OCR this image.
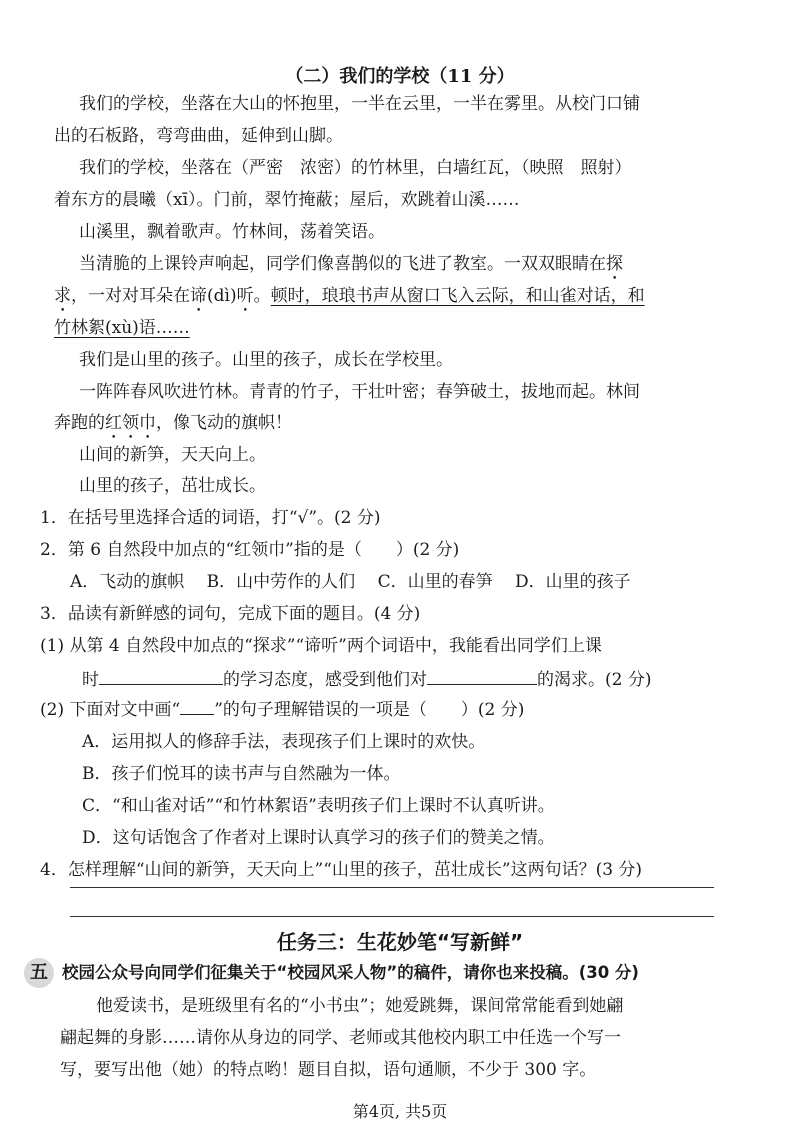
（二）我们的学校（11 分）
我们的学校，坐落在大山的怀抱里，一半在云里，一半在雾里。从校门口铺
出的石板路，弯弯曲曲，延伸到山脚。
我们的学校，坐落在（严密　浓密）的竹林里，白墙红瓦，（映照　照射）
着东方的晨曦（xī）。门前，翠竹掩蔽；屋后，欢跳着山溪……
山溪里，飘着歌声。竹林间，荡着笑语。
当清脆的上课铃声响起，同学们像喜鹊似的飞进了教室。一双双眼睛在探
求，一对对耳朵在谛(dì)听。顿时，琅琅书声从窗口飞入云际，和山雀对话，和
竹林絮(xù)语……
我们是山里的孩子。山里的孩子，成长在学校里。
一阵阵春风吹进竹林。青青的竹子，干壮叶密；春笋破土，拔地而起。林间
奔跑的红领巾，像飞动的旗帜！
山间的新笋，天天向上。
山里的孩子，茁壮成长。
1．在括号里选择合适的词语，打“√”。(2 分)
2．第 6 自然段中加点的“红领巾”指的是（　　）(2 分)
A．飞动的旗帜　 B．山中劳作的人们　 C．山里的春笋　 D．山里的孩子
3．品读有新鲜感的词句，完成下面的题目。(4 分)
(1) 从第 4 自然段中加点的“探求”“谛听”两个词语中，我能看出同学们上课
时	的学习态度，感受到他们对	的渴求。(2 分)
(2) 下面对文中画“ ”的句子理解错误的一项是（　　）(2 分)
A．运用拟人的修辞手法，表现孩子们上课时的欢快。
B．孩子们悦耳的读书声与自然融为一体。
C．“和山雀对话”“和竹林絮语”表明孩子们上课时不认真听讲。
D．这句话饱含了作者对上课时认真学习的孩子们的赞美之情。
4．怎样理解“山间的新笋，天天向上”“山里的孩子，茁壮成长”这两句话？(3 分)
任务三：生花妙笔“写新鲜”
五 校园公众号向同学们征集关于“校园风采人物”的稿件，请你也来投稿。(30 分)
他爱读书，是班级里有名的“小书虫”；她爱跳舞，课间常常能看到她翩
翩起舞的身影……请你从身边的同学、老师或其他校内职工中任选一个写一
写，要写出他（她）的特点哟！题目自拟，语句通顺，不少于 300 字。
第4页, 共5页
